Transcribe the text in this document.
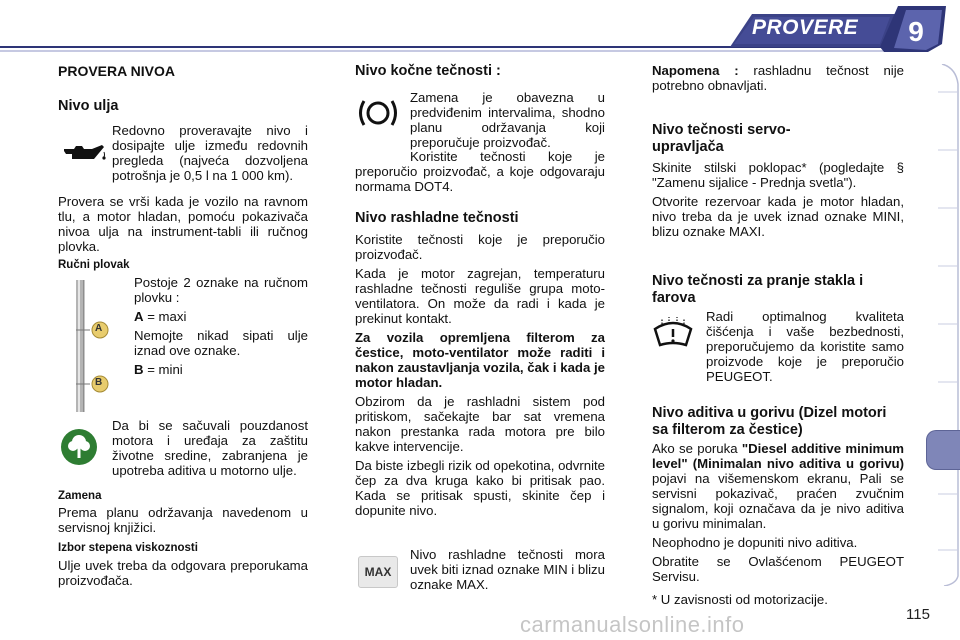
PROVERE	9
PROVERA NIVOA
Nivo ulja

Redovno proveravajte nivo i dosipajte ulje između redovnih pregleda (najveća dozvoljena potrošnja je 0,5 l na 1 000 km).

Provera se vrši kada je vozilo na ravnom tlu, a motor hladan, pomoću pokazivača nivoa ulja na instrument-tabli ili ručnog plovka.

Ručni plovak
A
B

Postoje 2 oznake na ručnom plovku :

A = maxi

Nemojte nikad sipati ulje iznad ove oznake.

B = mini

Da bi se sačuvali pouzdanost motora i uređaja za zaštitu životne sredine, zabranjena je upotreba aditiva u motorno ulje.

Zamena

Prema planu održavanja navedenom u servisnoj knjižici.

Izbor stepena viskoznosti

Ulje uvek treba da odgovara preporukama proizvođača.

Nivo kočne tečnosti :

Zamena je obavezna u predviđenim intervalima, shodno planu održavanja koji preporučuje proizvođač.

Koristite tečnosti koje je preporučio proizvođač, a koje odgovaraju normama DOT4.

Nivo rashladne tečnosti

Koristite tečnosti koje je preporučio proizvođač.

Kada je motor zagrejan, temperaturu rashladne tečnosti reguliše grupa moto-ventilatora. On može da radi i kada je prekinut kontakt.

Za vozila opremljena filterom za čestice, moto-ventilator može raditi i nakon zaustavljanja vozila, čak i kada je motor hladan.

Obzirom da je rashladni sistem pod pritiskom, sačekajte bar sat vremena nakon prestanka rada motora pre bilo kakve intervencije.

Da biste izbegli rizik od opekotina, odvrnite čep za dva kruga kako bi pritisak pao. Kada se pritisak spusti, skinite čep i dopunite nivo.

MAX

Nivo rashladne tečnosti mora uvek biti iznad oznake MIN i blizu oznake MAX.

Napomena : rashladnu tečnost nije potrebno obnavljati.

Nivo tečnosti servo-upravljača

Skinite stilski poklopac* (pogledajte § "Zamenu sijalice - Prednja svetla").

Otvorite rezervoar kada je motor hladan, nivo treba da je uvek iznad oznake MINI, blizu oznake MAXI.

Nivo tečnosti za pranje stakla i farova

Radi optimalnog kvaliteta čišćenja i vaše bezbednosti, preporučujemo da koristite samo proizvode koje je preporučio PEUGEOT.

Nivo aditiva u gorivu (Dizel motori sa filterom za čestice)

Ako se poruka "Diesel additive minimum level" (Minimalan nivo aditiva u gorivu) pojavi na višemenskom ekranu, Pali se servisni pokazivač, praćen zvučnim signalom, koji označava da je nivo aditiva u gorivu minimalan.

Neophodno je dopuniti nivo aditiva.

Obratite se Ovlašćenom PEUGEOT Servisu.

* U zavisnosti od motorizacije.
carmanualsonline.info	115
